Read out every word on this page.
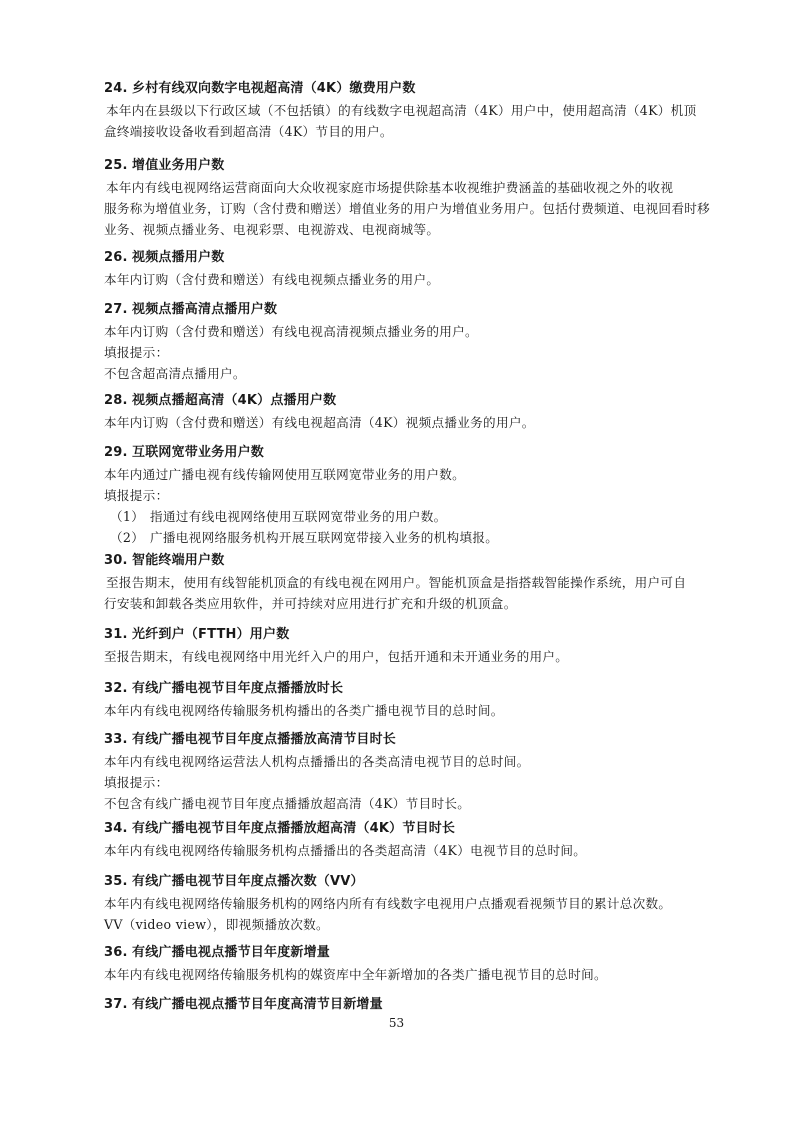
24. 乡村有线双向数字电视超高清（4K）缴费用户数
本年内在县级以下行政区域（不包括镇）的有线数字电视超高清（4K）用户中，使用超高清（4K）机顶
盒终端接收设备收看到超高清（4K）节目的用户。
25. 增值业务用户数
本年内有线电视网络运营商面向大众收视家庭市场提供除基本收视维护费涵盖的基础收视之外的收视
服务称为增值业务，订购（含付费和赠送）增值业务的用户为增值业务用户。包括付费频道、电视回看时移
业务、视频点播业务、电视彩票、电视游戏、电视商城等。
26. 视频点播用户数
本年内订购（含付费和赠送）有线电视频点播业务的用户。
27. 视频点播高清点播用户数
本年内订购（含付费和赠送）有线电视高清视频点播业务的用户。
填报提示：
不包含超高清点播用户。
28. 视频点播超高清（4K）点播用户数
本年内订购（含付费和赠送）有线电视超高清（4K）视频点播业务的用户。
29. 互联网宽带业务用户数
本年内通过广播电视有线传输网使用互联网宽带业务的用户数。
填报提示：
（1） 指通过有线电视网络使用互联网宽带业务的用户数。
（2） 广播电视网络服务机构开展互联网宽带接入业务的机构填报。
30. 智能终端用户数
至报告期末，使用有线智能机顶盒的有线电视在网用户。智能机顶盒是指搭载智能操作系统，用户可自
行安装和卸载各类应用软件，并可持续对应用进行扩充和升级的机顶盒。
31. 光纤到户（FTTH）用户数
至报告期末，有线电视网络中用光纤入户的用户，包括开通和未开通业务的用户。
32. 有线广播电视节目年度点播播放时长
本年内有线电视网络传输服务机构播出的各类广播电视节目的总时间。
33. 有线广播电视节目年度点播播放高清节目时长
本年内有线电视网络运营法人机构点播播出的各类高清电视节目的总时间。
填报提示：
不包含有线广播电视节目年度点播播放超高清（4K）节目时长。
34. 有线广播电视节目年度点播播放超高清（4K）节目时长
本年内有线电视网络传输服务机构点播播出的各类超高清（4K）电视节目的总时间。
35. 有线广播电视节目年度点播次数（VV）
本年内有线电视网络传输服务机构的网络内所有有线数字电视用户点播观看视频节目的累计总次数。
VV（video view），即视频播放次数。
36. 有线广播电视点播节目年度新增量
本年内有线电视网络传输服务机构的媒资库中全年新增加的各类广播电视节目的总时间。
37. 有线广播电视点播节目年度高清节目新增量
53
